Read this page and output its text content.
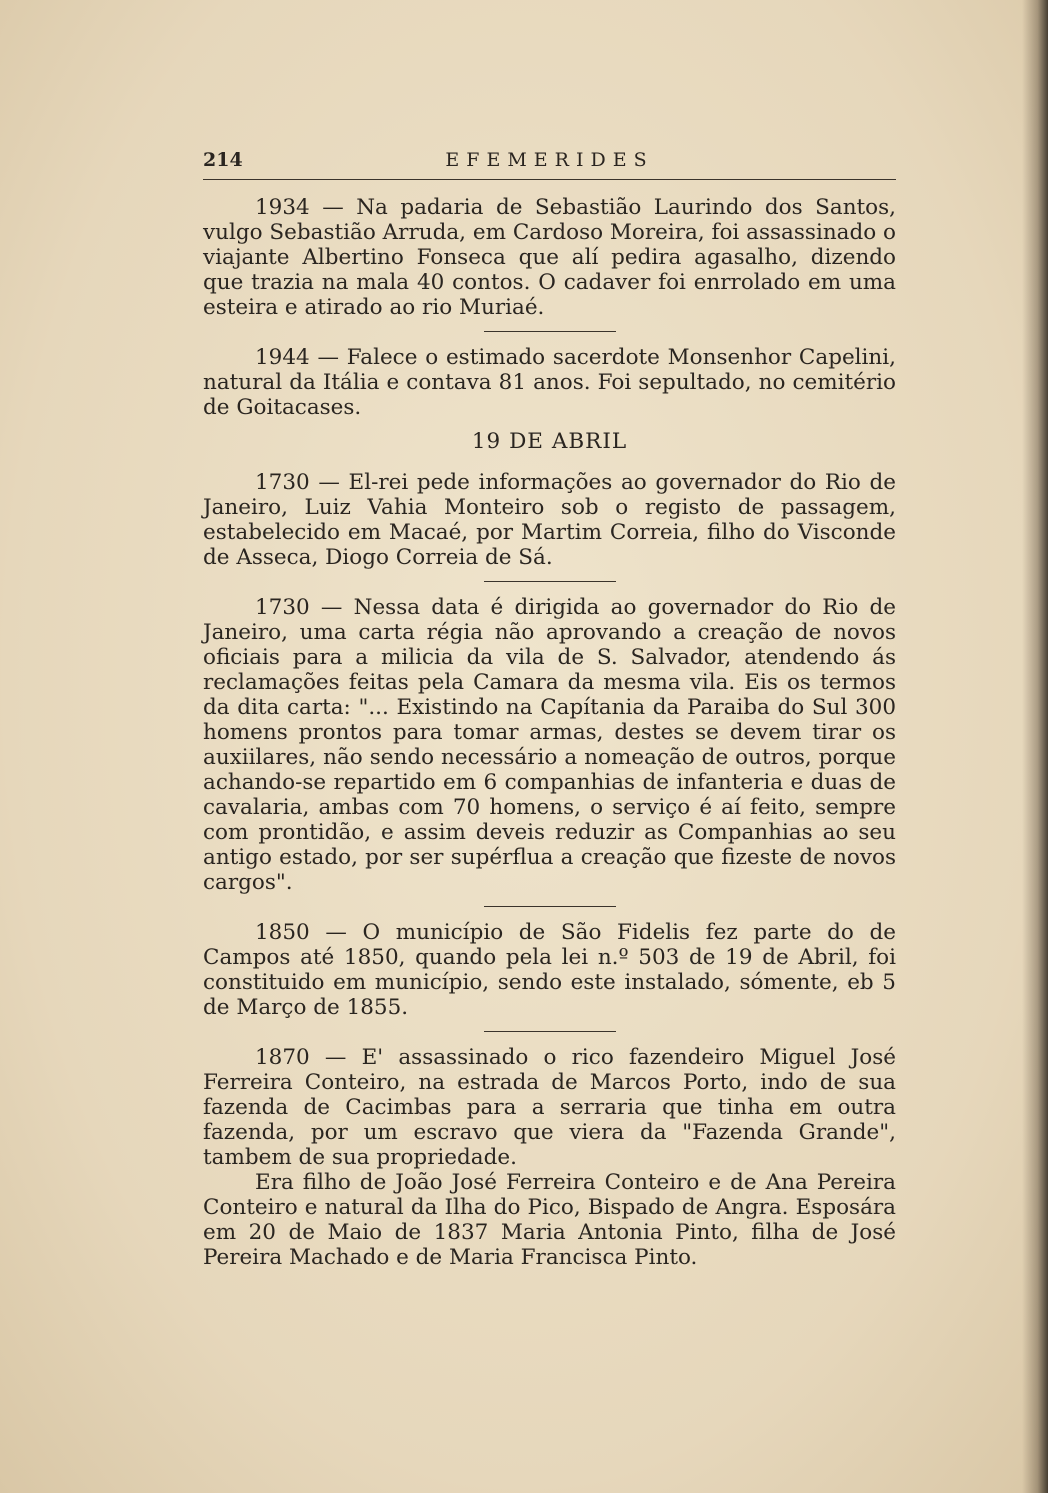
214	EFEMERIDES

1934 — Na padaria de Sebastião Laurindo dos Santos, vulgo Sebastião Arruda, em Cardoso Moreira, foi assassinado o viajante Albertino Fonseca que alí pedira agasalho, dizendo que trazia na mala 40 contos. O cadaver foi enrrolado em uma esteira e atirado ao rio Muriaé.

1944 — Falece o estimado sacerdote Monsenhor Capelini, natural da Itália e contava 81 anos. Foi sepultado, no cemitério de Goitacases.

19 DE ABRIL

1730 — El-rei pede informações ao governador do Rio de Janeiro, Luiz Vahia Monteiro sob o registo de passagem, estabelecido em Macaé, por Martim Correia, filho do Visconde de Asseca, Diogo Correia de Sá.

1730 — Nessa data é dirigida ao governador do Rio de Janeiro, uma carta régia não aprovando a creação de novos oficiais para a milicia da vila de S. Salvador, atendendo ás reclamações feitas pela Camara da mesma vila. Eis os termos da dita carta: "... Existindo na Capítania da Paraiba do Sul 300 homens prontos para tomar armas, destes se devem tirar os auxiilares, não sendo necessário a nomeação de outros, porque achando-se repartido em 6 companhias de infanteria e duas de cavalaria, ambas com 70 homens, o serviço é aí feito, sempre com prontidão, e assim deveis reduzir as Companhias ao seu antigo estado, por ser supérflua a creação que fizeste de novos cargos".

1850 — O município de São Fidelis fez parte do de Campos até 1850, quando pela lei n.º 503 de 19 de Abril, foi constituido em município, sendo este instalado, sómente, eb 5 de Março de 1855.

1870 — E' assassinado o rico fazendeiro Miguel José Ferreira Conteiro, na estrada de Marcos Porto, indo de sua fazenda de Cacimbas para a serraria que tinha em outra fazenda, por um escravo que viera da "Fazenda Grande", tambem de sua propriedade.

Era filho de João José Ferreira Conteiro e de Ana Pereira Conteiro e natural da Ilha do Pico, Bispado de Angra. Esposára em 20 de Maio de 1837 Maria Antonia Pinto, filha de José Pereira Machado e de Maria Francisca Pinto.
